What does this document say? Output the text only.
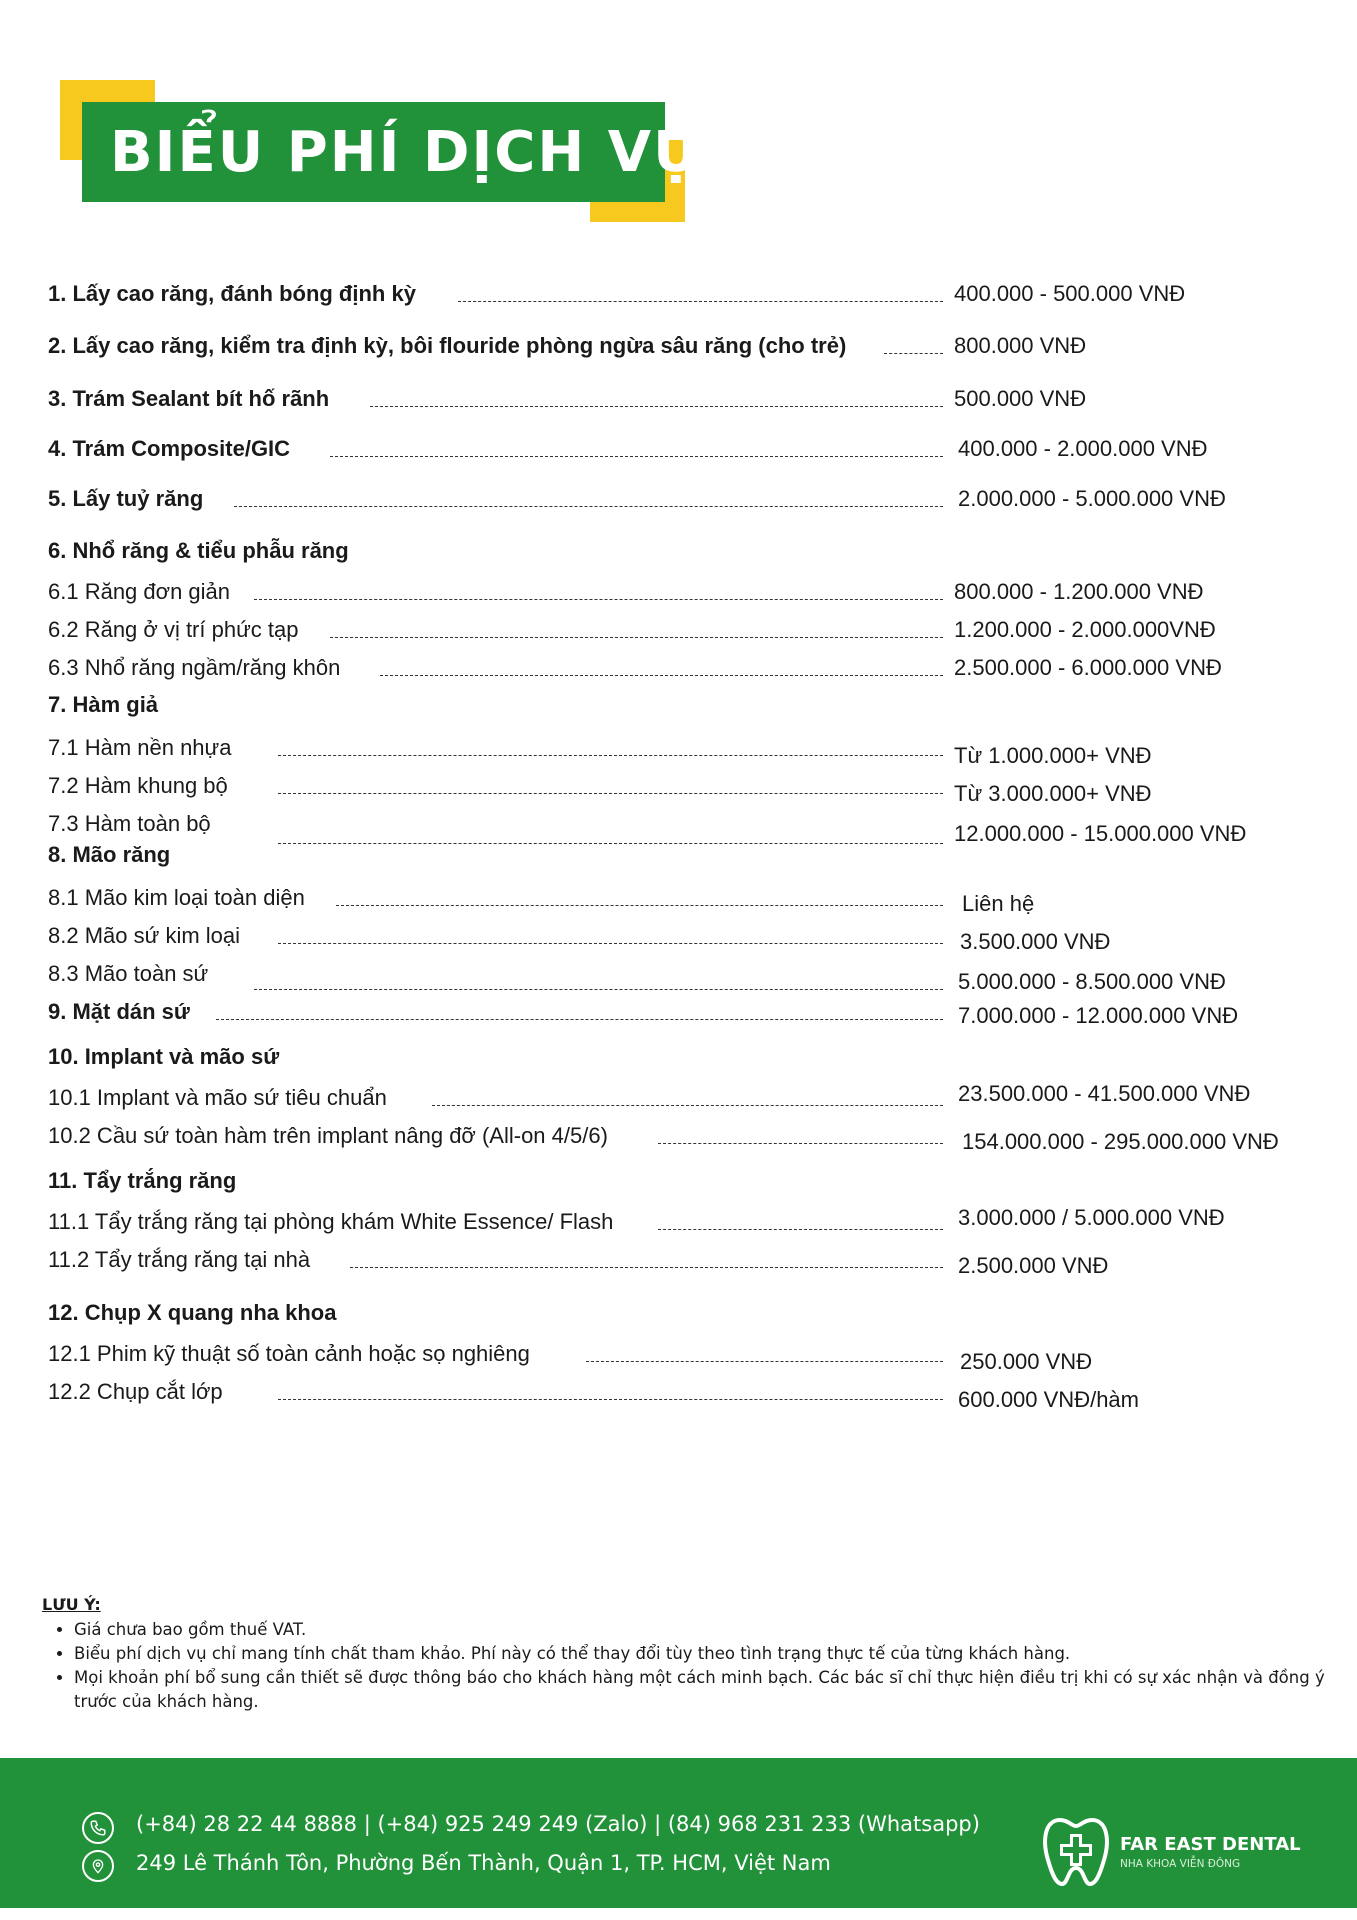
BIỂU PHÍ DỊCH VỤ
1. Lấy cao răng, đánh bóng định kỳ	400.000 - 500.000 VNĐ
2. Lấy cao răng, kiểm tra định kỳ, bôi flouride phòng ngừa sâu răng (cho trẻ)	800.000 VNĐ
3. Trám Sealant bít hố rãnh	500.000 VNĐ
4. Trám Composite/GIC	400.000 - 2.000.000 VNĐ
5. Lấy tuỷ răng	2.000.000 - 5.000.000 VNĐ
6. Nhổ răng & tiểu phẫu răng
6.1 Răng đơn giản	800.000 - 1.200.000 VNĐ
6.2 Răng ở vị trí phức tạp	1.200.000 - 2.000.000VNĐ
6.3 Nhổ răng ngầm/răng khôn	2.500.000 - 6.000.000 VNĐ
7. Hàm giả
7.1 Hàm nền nhựa	Từ 1.000.000+ VNĐ
7.2 Hàm khung bộ	Từ 3.000.000+ VNĐ
7.3 Hàm toàn bộ	12.000.000 - 15.000.000 VNĐ
8. Mão răng
8.1 Mão kim loại toàn diện	Liên hệ
8.2 Mão sứ kim loại	3.500.000 VNĐ
8.3 Mão toàn sứ	5.000.000 - 8.500.000 VNĐ
9. Mặt dán sứ	7.000.000 - 12.000.000 VNĐ
10. Implant và mão sứ
10.1 Implant và mão sứ tiêu chuẩn	23.500.000 - 41.500.000 VNĐ
10.2 Cầu sứ toàn hàm trên implant nâng đỡ (All-on 4/5/6)	154.000.000 - 295.000.000 VNĐ
11. Tẩy trắng răng
11.1 Tẩy trắng răng tại phòng khám White Essence/ Flash	3.000.000 / 5.000.000 VNĐ
11.2 Tẩy trắng răng tại nhà	2.500.000 VNĐ
12. Chụp X quang nha khoa
12.1 Phim kỹ thuật số toàn cảnh hoặc sọ nghiêng	250.000 VNĐ
12.2 Chụp cắt lớp	600.000 VNĐ/hàm
LƯU Ý:
• Giá chưa bao gồm thuế VAT.
• Biểu phí dịch vụ chỉ mang tính chất tham khảo. Phí này có thể thay đổi tùy theo tình trạng thực tế của từng khách hàng.
• Mọi khoản phí bổ sung cần thiết sẽ được thông báo cho khách hàng một cách minh bạch. Các bác sĩ chỉ thực hiện điều trị khi có sự xác nhận và đồng ý trước của khách hàng.
(+84) 28 22 44 8888 | (+84) 925 249 249 (Zalo) | (84) 968 231 233 (Whatsapp)
249 Lê Thánh Tôn, Phường Bến Thành, Quận 1, TP. HCM, Việt Nam
FAR EAST DENTAL
NHA KHOA VIỄN ĐÔNG
